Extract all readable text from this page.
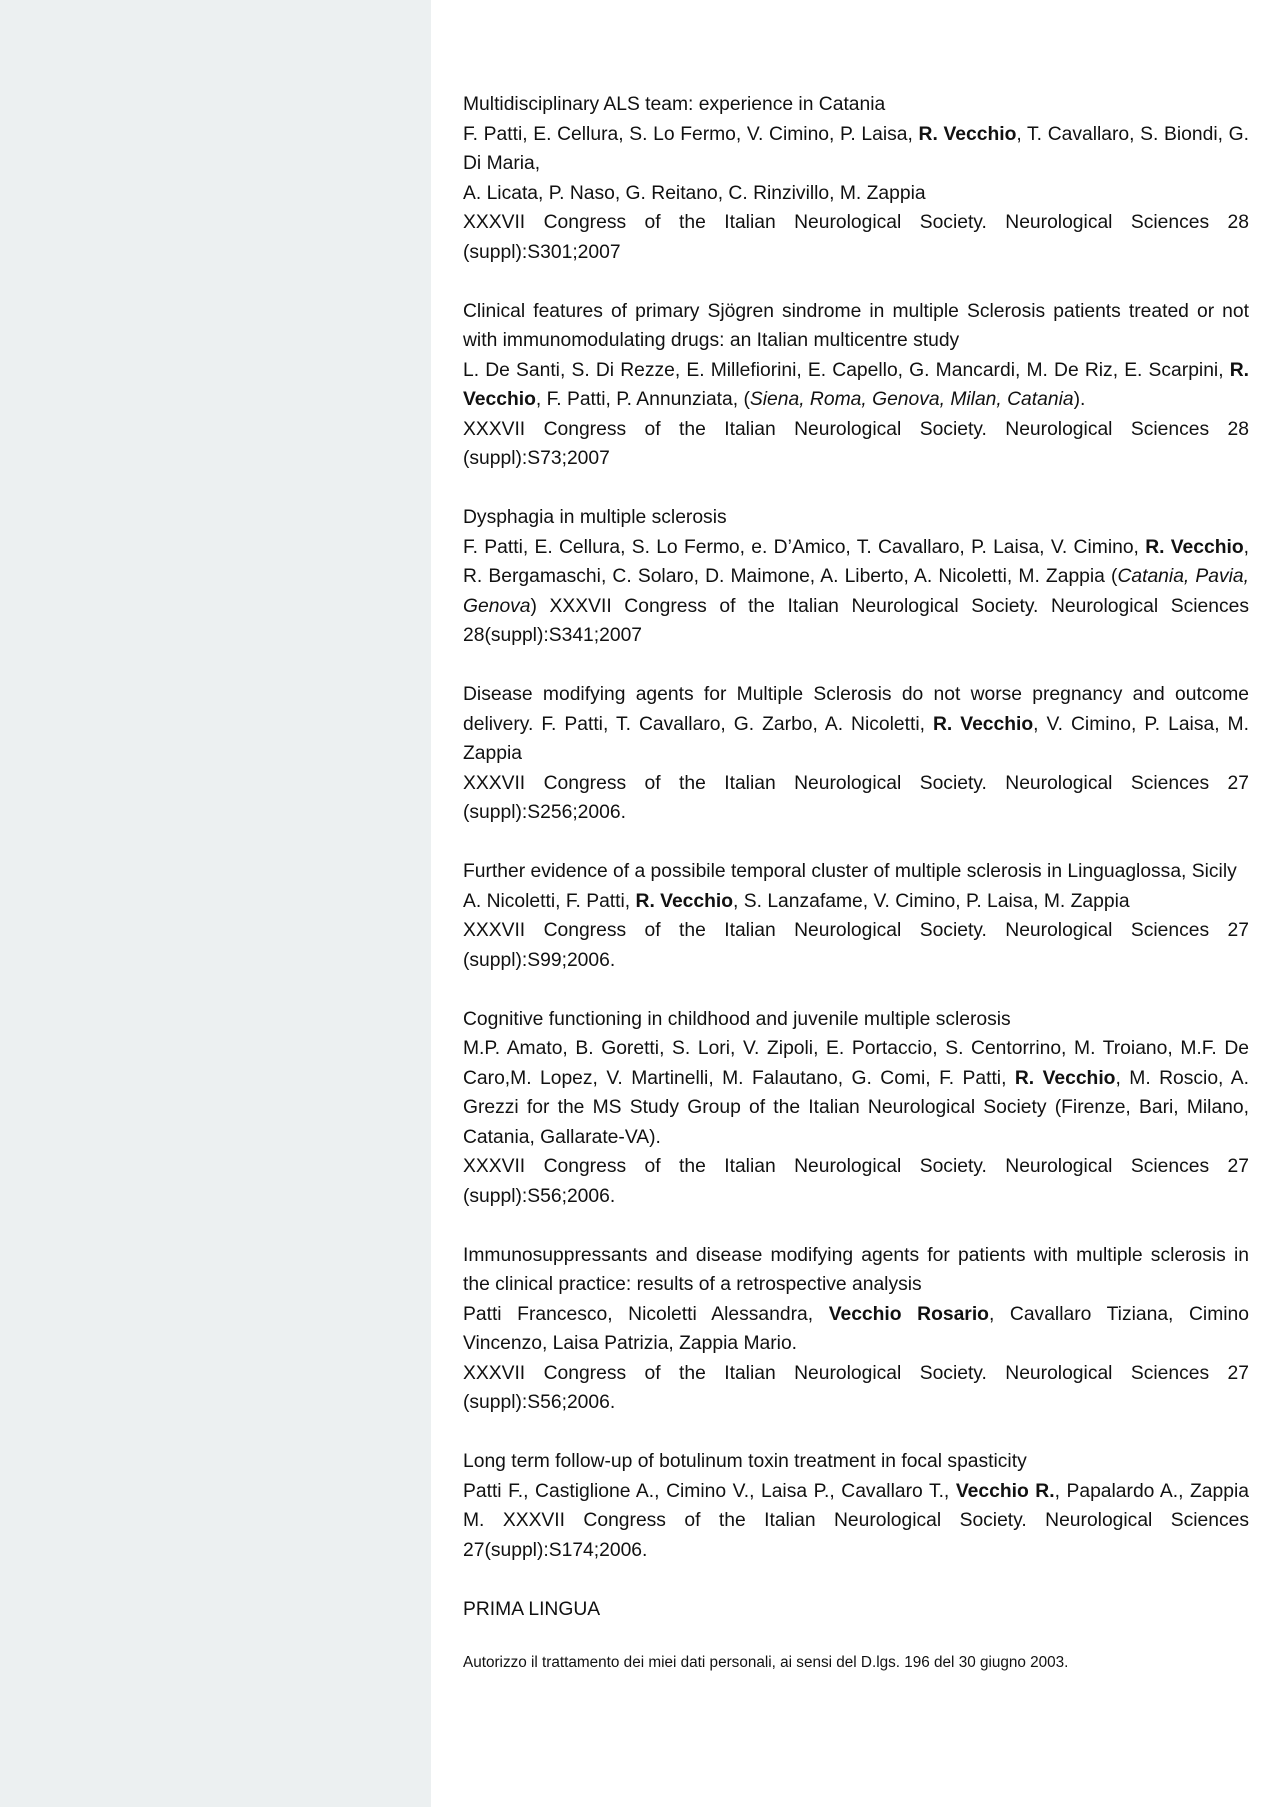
Multidisciplinary ALS team: experience in Catania

F. Patti, E. Cellura, S. Lo Fermo, V. Cimino, P. Laisa, R. Vecchio, T. Cavallaro, S. Biondi, G. Di Maria,

A. Licata, P. Naso, G. Reitano, C. Rinzivillo, M. Zappia

XXXVII Congress of the Italian Neurological Society. Neurological Sciences 28 (suppl):S301;2007

Clinical features of primary Sjögren sindrome in multiple Sclerosis patients treated or not with immunomodulating drugs: an Italian multicentre study

L. De Santi, S. Di Rezze, E. Millefiorini, E. Capello, G. Mancardi, M. De Riz, E. Scarpini, R. Vecchio, F. Patti, P. Annunziata, (Siena, Roma, Genova, Milan, Catania).

XXXVII Congress of the Italian Neurological Society. Neurological Sciences 28 (suppl):S73;2007

Dysphagia in multiple sclerosis

F. Patti, E. Cellura, S. Lo Fermo, e. D’Amico, T. Cavallaro, P. Laisa, V. Cimino, R. Vecchio, R. Bergamaschi, C. Solaro, D. Maimone, A. Liberto, A. Nicoletti, M. Zappia (Catania, Pavia, Genova) XXXVII Congress of the Italian Neurological Society. Neurological Sciences 28(suppl):S341;2007

Disease modifying agents for Multiple Sclerosis do not worse pregnancy and outcome delivery. F. Patti, T. Cavallaro, G. Zarbo, A. Nicoletti, R. Vecchio, V. Cimino, P. Laisa, M. Zappia

XXXVII Congress of the Italian Neurological Society. Neurological Sciences 27 (suppl):S256;2006.

Further evidence of a possibile temporal cluster of multiple sclerosis in Linguaglossa, Sicily

A. Nicoletti, F. Patti, R. Vecchio, S. Lanzafame, V. Cimino, P. Laisa, M. Zappia

XXXVII Congress of the Italian Neurological Society. Neurological Sciences 27 (suppl):S99;2006.

Cognitive functioning in childhood and juvenile multiple sclerosis

M.P. Amato, B. Goretti, S. Lori, V. Zipoli, E. Portaccio, S. Centorrino, M. Troiano, M.F. De Caro,M. Lopez, V. Martinelli, M. Falautano, G. Comi, F. Patti, R. Vecchio, M. Roscio, A. Grezzi for the MS Study Group of the Italian Neurological Society (Firenze, Bari, Milano, Catania, Gallarate-VA).

XXXVII Congress of the Italian Neurological Society. Neurological Sciences 27 (suppl):S56;2006.

Immunosuppressants and disease modifying agents for patients with multiple sclerosis in the clinical practice: results of a retrospective analysis

Patti Francesco, Nicoletti Alessandra, Vecchio Rosario, Cavallaro Tiziana, Cimino Vincenzo, Laisa Patrizia, Zappia Mario.

XXXVII Congress of the Italian Neurological Society. Neurological Sciences 27 (suppl):S56;2006.

Long term follow-up of botulinum toxin treatment in focal spasticity

Patti F., Castiglione A., Cimino V., Laisa P., Cavallaro T., Vecchio R., Papalardo A., Zappia M. XXXVII Congress of the Italian Neurological Society. Neurological Sciences 27(suppl):S174;2006.

PRIMA LINGUA

Autorizzo il trattamento dei miei dati personali, ai sensi del D.lgs. 196 del 30 giugno 2003.
